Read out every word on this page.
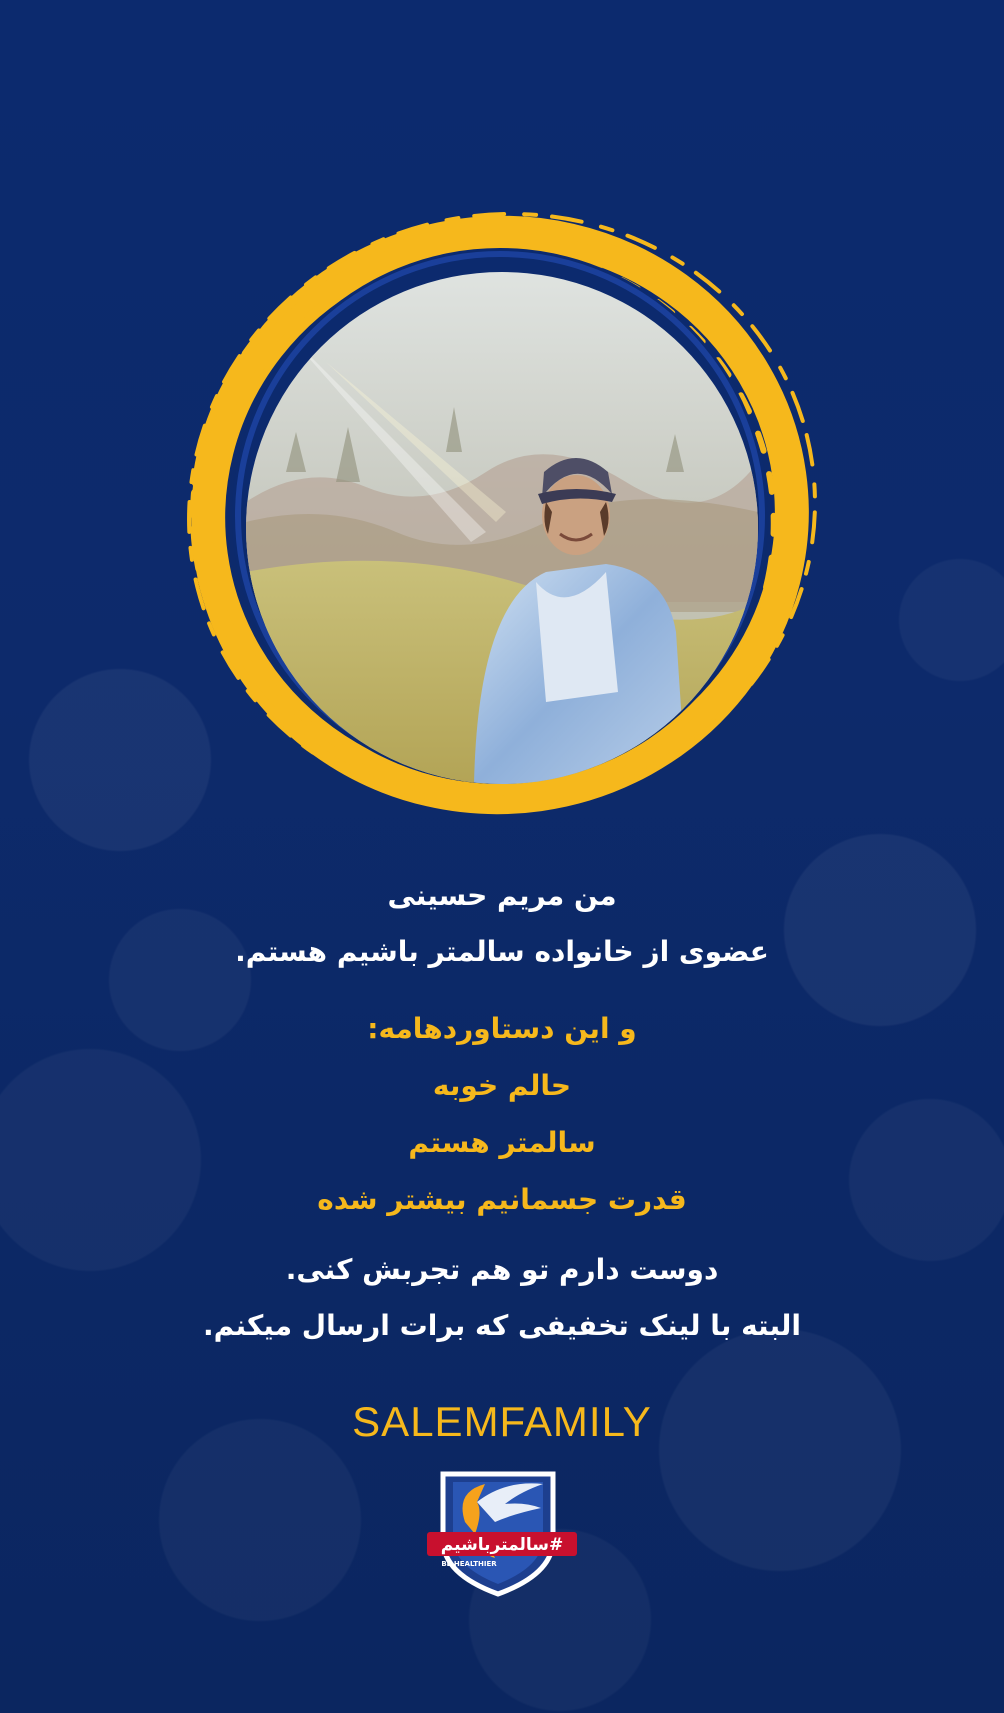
من مریم حسینی
عضوی از خانواده سالمتر باشیم هستم.
و این دستاوردهامه:
حالم خوبه
سالمتر هستم
قدرت جسمانیم بیشتر شده
دوست دارم تو هم تجربش کنی.
البته با لینک تخفیفی که برات ارسال میکنم.
SALEMFAMILY
#سالمترباشیم
BE HEALTHIER
